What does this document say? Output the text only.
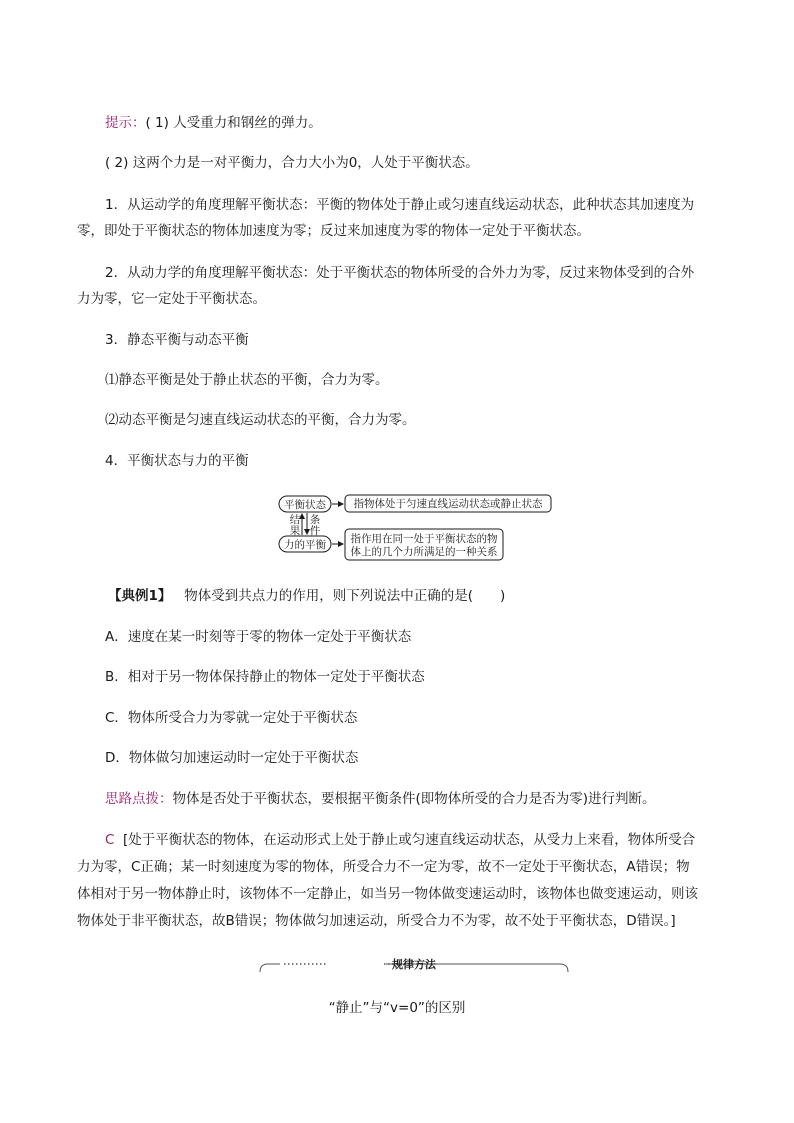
提示：( 1) 人受重力和钢丝的弹力。

( 2) 这两个力是一对平衡力，合力大小为0，人处于平衡状态。

1．从运动学的角度理解平衡状态：平衡的物体处于静止或匀速直线运动状态，此种状态其加速度为

零，即处于平衡状态的物体加速度为零；反过来加速度为零的物体一定处于平衡状态。

2．从动力学的角度理解平衡状态：处于平衡状态的物体所受的合外力为零，反过来物体受到的合外

力为零，它一定处于平衡状态。

3．静态平衡与动态平衡

⑴静态平衡是处于静止状态的平衡，合力为零。

⑵动态平衡是匀速直线运动状态的平衡，合力为零。

4．平衡状态与力的平衡

平衡状态
力的平衡
结
果
条
件
指物体处于匀速直线运动状态或静止状态
指作用在同一处于平衡状态的物
体上的几个力所满足的一种关系

【典例1】 物体受到共点力的作用，则下列说法中正确的是(　　)

A．速度在某一时刻等于零的物体一定处于平衡状态

B．相对于另一物体保持静止的物体一定处于平衡状态

C．物体所受合力为零就一定处于平衡状态

D．物体做匀加速运动时一定处于平衡状态

思路点拨：物体是否处于平衡状态，要根据平衡条件(即物体所受的合力是否为零)进行判断。

C [处于平衡状态的物体，在运动形式上处于静止或匀速直线运动状态，从受力上来看，物体所受合

力为零，C正确；某一时刻速度为零的物体，所受合力不一定为零，故不一定处于平衡状态，A错误；物

体相对于另一物体静止时，该物体不一定静止，如当另一物体做变速运动时，该物体也做变速运动，则该

物体处于非平衡状态，故B错误；物体做匀加速运动，所受合力不为零，故不处于平衡状态，D错误。]

规律方法
“静止”与“v=0”的区别
